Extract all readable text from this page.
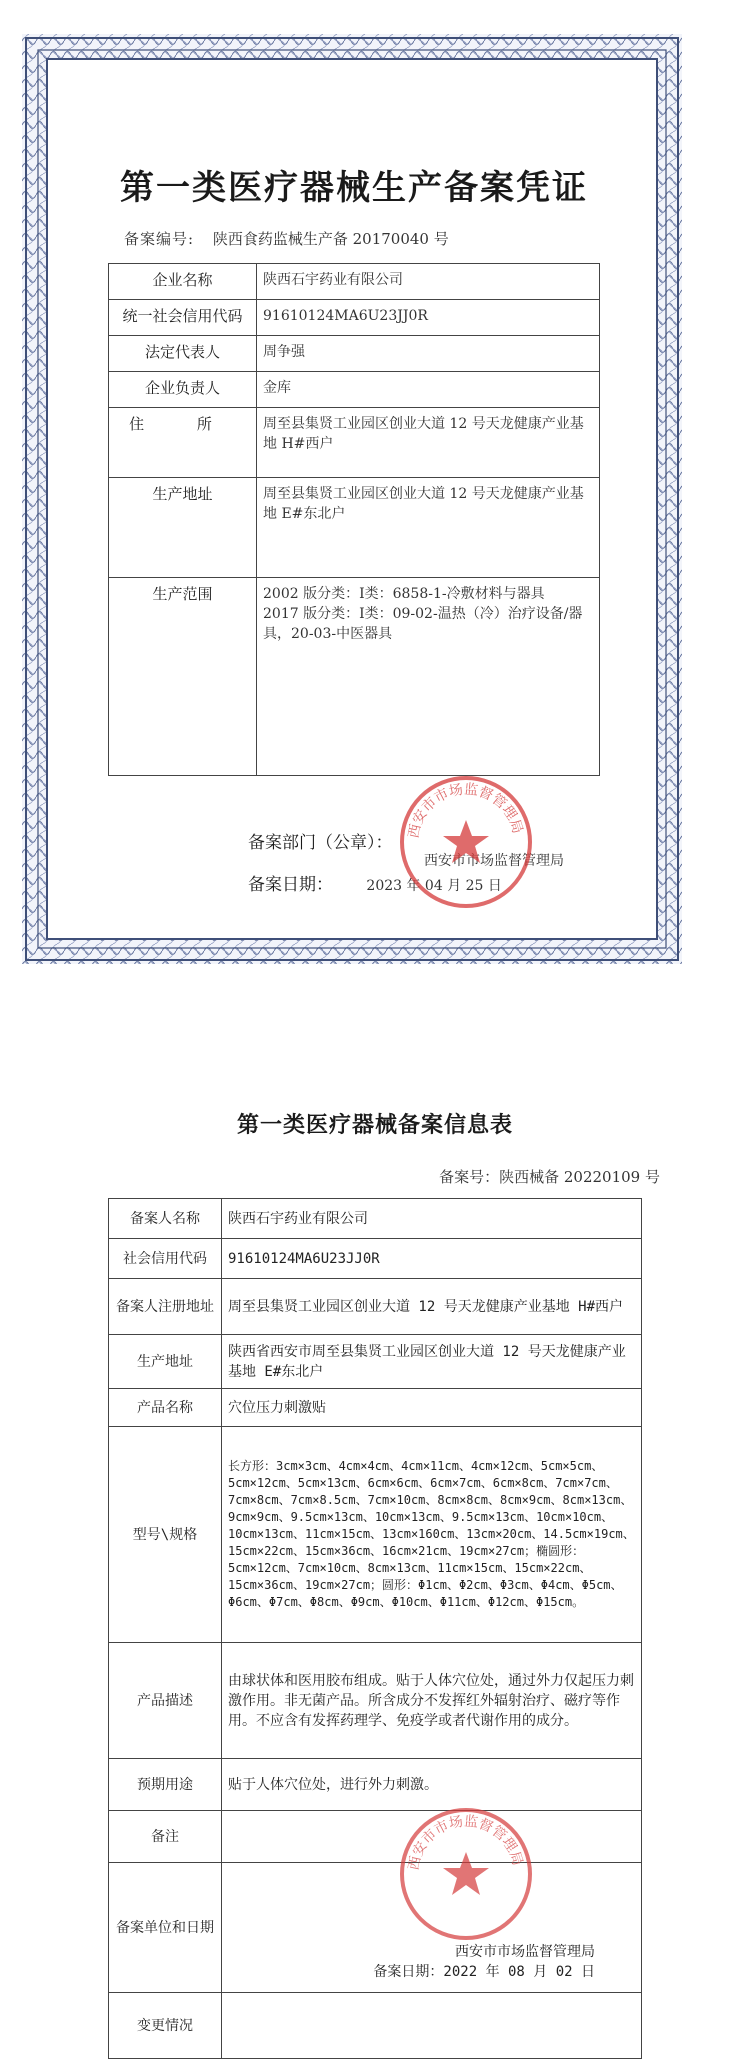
第一类医疗器械生产备案凭证
备案编号: 陕西食药监械生产备 20170040 号
企业名称	陕西石宇药业有限公司
统一社会信用代码	91610124MA6U23JJ0R
法定代表人	周争强
企业负责人	金库
住 所	周至县集贤工业园区创业大道 12 号天龙健康产业基地 H#西户
生产地址	周至县集贤工业园区创业大道 12 号天龙健康产业基地 E#东北户
生产范围	2002 版分类：Ⅰ类：6858-1-冷敷材料与器具
2017 版分类：Ⅰ类：09-02-温热（冷）治疗设备/器具，20-03-中医器具
备案部门（公章）：
西安市市场监督管理局
备案日期： 2023 年 04 月 25 日
西安市市场监督管理局
第一类医疗器械备案信息表
备案号：陕西械备 20220109 号
备案人名称	陕西石宇药业有限公司
社会信用代码	91610124MA6U23JJ0R
备案人注册地址	周至县集贤工业园区创业大道 12 号天龙健康产业基地 H#西户
生产地址	陕西省西安市周至县集贤工业园区创业大道 12 号天龙健康产业基地 E#东北户
产品名称	穴位压力刺激贴
型号\规格	长方形：3cm×3cm、4cm×4cm、4cm×11cm、4cm×12cm、5cm×5cm、5cm×12cm、5cm×13cm、6cm×6cm、6cm×7cm、6cm×8cm、7cm×7cm、7cm×8cm、7cm×8.5cm、7cm×10cm、8cm×8cm、8cm×9cm、8cm×13cm、9cm×9cm、9.5cm×13cm、10cm×13cm、9.5cm×13cm、10cm×10cm、10cm×13cm、11cm×15cm、13cm×160cm、13cm×20cm、14.5cm×19cm、15cm×22cm、15cm×36cm、16cm×21cm、19cm×27cm；椭圆形：5cm×12cm、7cm×10cm、8cm×13cm、11cm×15cm、15cm×22cm、15cm×36cm、19cm×27cm；圆形：Φ1cm、Φ2cm、Φ3cm、Φ4cm、Φ5cm、Φ6cm、Φ7cm、Φ8cm、Φ9cm、Φ10cm、Φ11cm、Φ12cm、Φ15cm。
产品描述	由球状体和医用胶布组成。贴于人体穴位处，通过外力仅起压力刺激作用。非无菌产品。所含成分不发挥红外辐射治疗、磁疗等作用。不应含有发挥药理学、免疫学或者代谢作用的成分。
预期用途	贴于人体穴位处，进行外力刺激。
备注	
备案单位和日期	西安市市场监督管理局
备案日期：2022 年 08 月 02 日

变更情况	
西安市市场监督管理局
